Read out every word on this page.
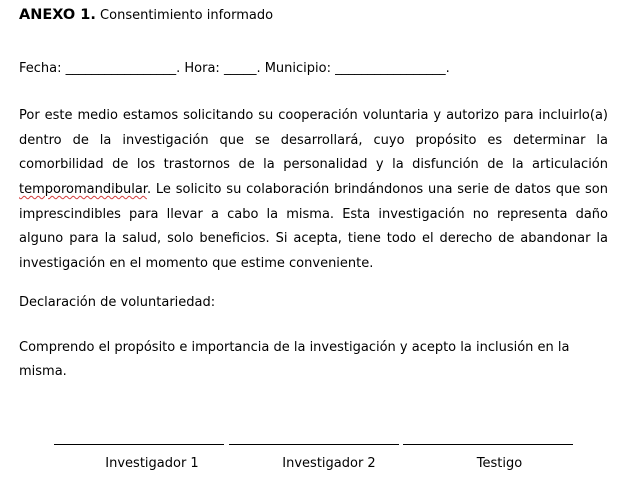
ANEXO 1. Consentimiento informado
Fecha: _________________. Hora: _____. Municipio: _________________.
Por este medio estamos solicitando su cooperación voluntaria y autorizo para incluirlo(a)
dentro de la investigación que se desarrollará, cuyo propósito es determinar la
comorbilidad de los trastornos de la personalidad y la disfunción de la articulación
temporomandibular. Le solicito su colaboración brindándonos una serie de datos que son
imprescindibles para llevar a cabo la misma. Esta investigación no representa daño
alguno para la salud, solo beneficios. Si acepta, tiene todo el derecho de abandonar la
investigación en el momento que estime conveniente.
Declaración de voluntariedad:
Comprendo el propósito e importancia de la investigación y acepto la inclusión en la
misma.
Investigador 1	Investigador 2	Testigo
